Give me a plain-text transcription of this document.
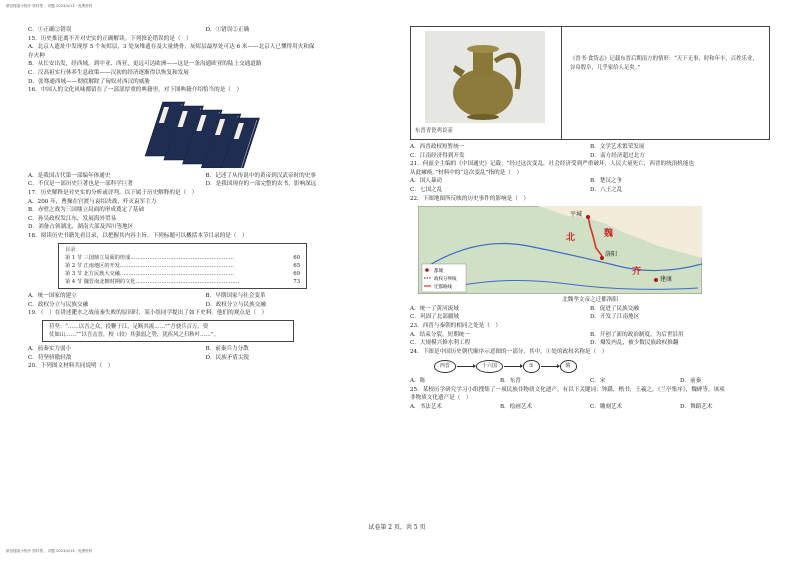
微信搜索小程序 资料帮 ，试题 2023/4/13 · 免费资料
微信搜索小程序 资料帮 ，试题 2023/4/13 · 免费资料
C．①正确②错误	D．①错误②正确
15．历史推论离不开对史实的正确解读。下列推论错误的是（　）
A．北京人遗址中发现厚 5 个灰烬层，3 处灰堆遗存及大量烧骨，灰烬层最厚处可达 6 米——北京人已懂得用火和保
存火种
B．从长安出发，经西域，到中亚、西亚，更远可达欧洲——这是一条沟通欧亚的陆上交通道路
C．汉高祖实行休养生息政策——汉初的经济逐渐得以恢复和发展
D．张骞通西域——彻底解除了匈奴对西汉的威胁
16．中国人的文化风味都留在了一部部厚重的典籍里。对下图典籍介绍恰当的是（　）
A．是我国古代第一部编年体通史	B．记述了从传说中的黄帝到汉武帝时的史事
C．不仅是一部历史巨著也是一部科学巨著	D．是我国现存的一部完整的农书，影响深远
17．历史解释是对史实的分析或评判。以下属于历史解释的是（　）
A．200 年，曹操在官渡与袁绍决战，歼灭袁军主力
B．赤壁之战为三国鼎立局面的形成奠定了基础
C．孙吴政权发江东，发展海外贸易
D．刘备占领湖北、湖南大部及四川等地区
18．阅读历史书籍先看目录，以把握其内容主旨。下列标题可以概括本节目录的是（　）
目录
第 1 节 三国鼎立局面的形成……………………………………………………	60
第 2 节 江南地区的开发…………………………………………………………	65
第 3 节 北方民族大交融…………………………………………………………	69
第 4 节 魏晋南北朝时期的文化……………………………………………………	73
A．统一国家的建立	B．早期国家与社会变革
C．政权分立与民族交融	D．政权分立与民族交融
19．（　）在讲述淝水之战前秦失败的原因时，某小组同学提出了如下史料。他们的观点是（　）
苻坚：“……以吾之众，投鞭于江，足断其流……”“吾骁兵百万，资
仗如山……”“以吾击晋，校（较）其强弱之势，犹疾风之扫秋叶……”。
A．前秦实力弱小	B．前秦兵力分散
C．苻坚骄傲轻敌	D．民族矛盾尖锐
20．下列图文材料共同说明（　）
东晋青瓷鸡首壶
《晋书·食货志》记载东晋后期南方的情形：“天下无事，时和年丰，百姓乐业，谷帛殷阜，几乎家给人足矣。”
A．西晋政权短暂统一	B．文学艺术繁荣发展
C．江南经济得到开发	D．南方经济超过北方
21．何兹全主编的《中国通史》记载：“经过这次变乱，社会经济受到严重破坏，人民大量死亡，西晋的统治机能也
从此瘫痪。”材料中的“这次变乱”指的是（　）
A．国人暴动	B．楚汉之争
C．七国之乱	D．八王之乱
22．下图地图所反映的历史事件的影响是（　）
平城
北	魏
洛阳
齐
建康
都城
政权分界线
迁都路线
北魏孝文帝之迁都洛阳
A．统一了黄河流域	B．促进了民族交融
C．巩固了北部疆域	D．开发了江南地区
23．西晋与秦朝的相同之处是（　）
A．结束分裂，短期统一	B．开创了新的政治制度，为后世沿用
C．大规模兴修水利工程	D．爆发内乱，被少数民族政权推翻
24．下图是中国历史朝代顺序示意图的一部分，其中，①处的政权名称是（　）
西晋	十六国	①	隋
A．陈	B．东晋	C．宋	D．前秦
25．某校历学研究学习小组搜集了一项民族非物质文化遗产，有以下关键词：钟繇，楷书，王羲之，《兰亭集序》，魏碑等，该项
非物质文化遗产是（　）
A．书法艺术	B．绘画艺术	C．雕刻艺术	D．舞蹈艺术
试卷第 2 页，共 5 页
